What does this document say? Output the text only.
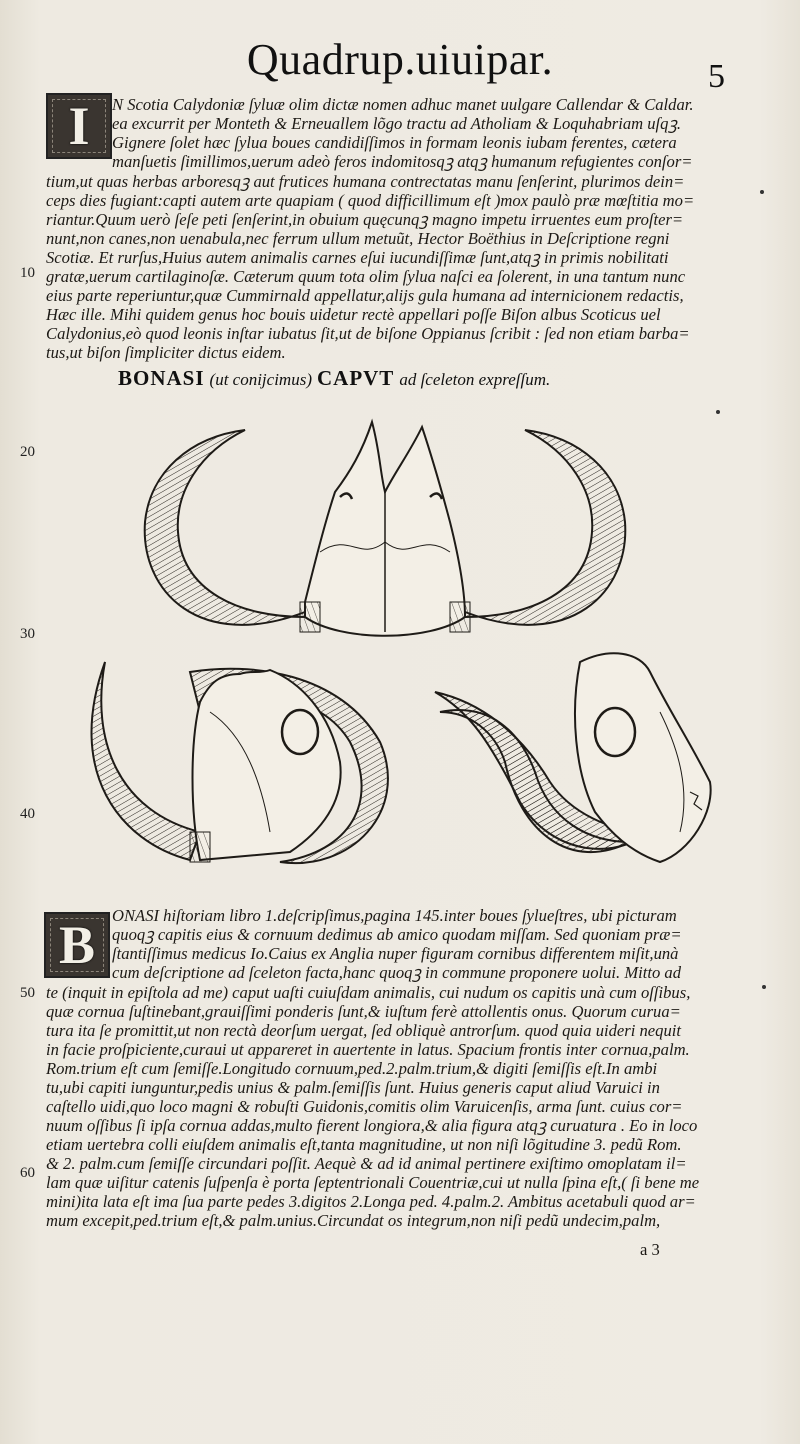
Quadrup.uiuipar.	5
I N Scotia Calydoniæ ſyluæ olim dictæ nomen adhuc manet uulgare Callendar & Caldar.
ea excurrit per Monteth & Erneuallem lõgo tractu ad Atholiam & Loquhabriam uſqꝫ.
Gignere ſolet hæc ſylua boues candidiſſimos in formam leonis iubam ferentes, cætera
manſuetis ſimillimos,uerum adeò feros indomitosqꝫ atqꝫ humanum refugientes conſor=
tium,ut quas herbas arboresqꝫ aut frutices humana contrectatas manu ſenſerint, plurimos dein=
ceps dies fugiant:capti autem arte quapiam ( quod difficillimum eſt )mox paulò præ mœſtitia mo=
riantur.Quum uerò ſeſe peti ſenſerint,in obuium quęcunqꝫ magno impetu irruentes eum proſter=
nunt,non canes,non uenabula,nec ferrum ullum metuũt, Hector Boëthius in Deſcriptione regni
Scotiæ. Et rurſus,Huius autem animalis carnes eſui iucundiſſimæ ſunt,atqꝫ in primis nobilitati
gratæ,uerum cartilaginoſæ. Cæterum quum tota olim ſylua naſci ea ſolerent, in una tantum nunc
eius parte reperiuntur,quæ Cummirnald appellatur,alijs gula humana ad internicionem redactis,
Hæc ille. Mihi quidem genus hoc bouis uidetur rectè appellari poſſe Biſon albus Scoticus uel
Calydonius,eò quod leonis inſtar iubatus ſit,ut de biſone Oppianus ſcribit : ſed non etiam barba=
tus,ut biſon ſimpliciter dictus eidem.
10
20
30
40
50
60
BONASI (ut conijcimus) CAPVT ad ſceleton expreſſum.
B ONASI hiſtoriam libro 1.deſcripſimus,pagina 145.inter boues ſylueſtres, ubi picturam
quoqꝫ capitis eius & cornuum dedimus ab amico quodam miſſam. Sed quoniam præ=
ſtantiſſimus medicus Io.Caius ex Anglia nuper figuram cornibus differentem miſit,unà
cum deſcriptione ad ſceleton facta,hanc quoqꝫ in commune proponere uolui. Mitto ad
te (inquit in epiſtola ad me) caput uaſti cuiuſdam animalis, cui nudum os capitis unà cum oſſibus,
quæ cornua ſuſtinebant,grauiſſimi ponderis ſunt,& iuſtum ferè attollentis onus. Quorum curua=
tura ita ſe promittit,ut non rectà deorſum uergat, ſed obliquè antrorſum. quod quia uideri nequit
in facie proſpiciente,curaui ut appareret in auertente in latus. Spacium frontis inter cornua,palm.
Rom.trium eſt cum ſemiſſe.Longitudo cornuum,ped.2.palm.trium,& digiti ſemiſſis eſt.In ambi
tu,ubi capiti iunguntur,pedis unius & palm.ſemiſſis ſunt. Huius generis caput aliud Varuici in
caſtello uidi,quo loco magni & robuſti Guidonis,comitis olim Varuicenſis, arma ſunt. cuius cor=
nuum oſſibus ſi ipſa cornua addas,multo fierent longiora,& alia figura atqꝫ curuatura . Eo in loco
etiam uertebra colli eiuſdem animalis eſt,tanta magnitudine, ut non niſi lõgitudine 3. pedũ Rom.
& 2. palm.cum ſemiſſe circundari poſſit. Aequè & ad id animal pertinere exiſtimo omoplatam il=
lam quæ uiſitur catenis ſuſpenſa è porta ſeptentrionali Couentriæ,cui ut nulla ſpina eſt,( ſi bene me
mini)ita lata eſt ima ſua parte pedes 3.digitos 2.Longa ped. 4.palm.2. Ambitus acetabuli quod ar=
mum excepit,ped.trium eſt,& palm.unius.Circundat os integrum,non niſi pedũ undecim,palm,
a 3
